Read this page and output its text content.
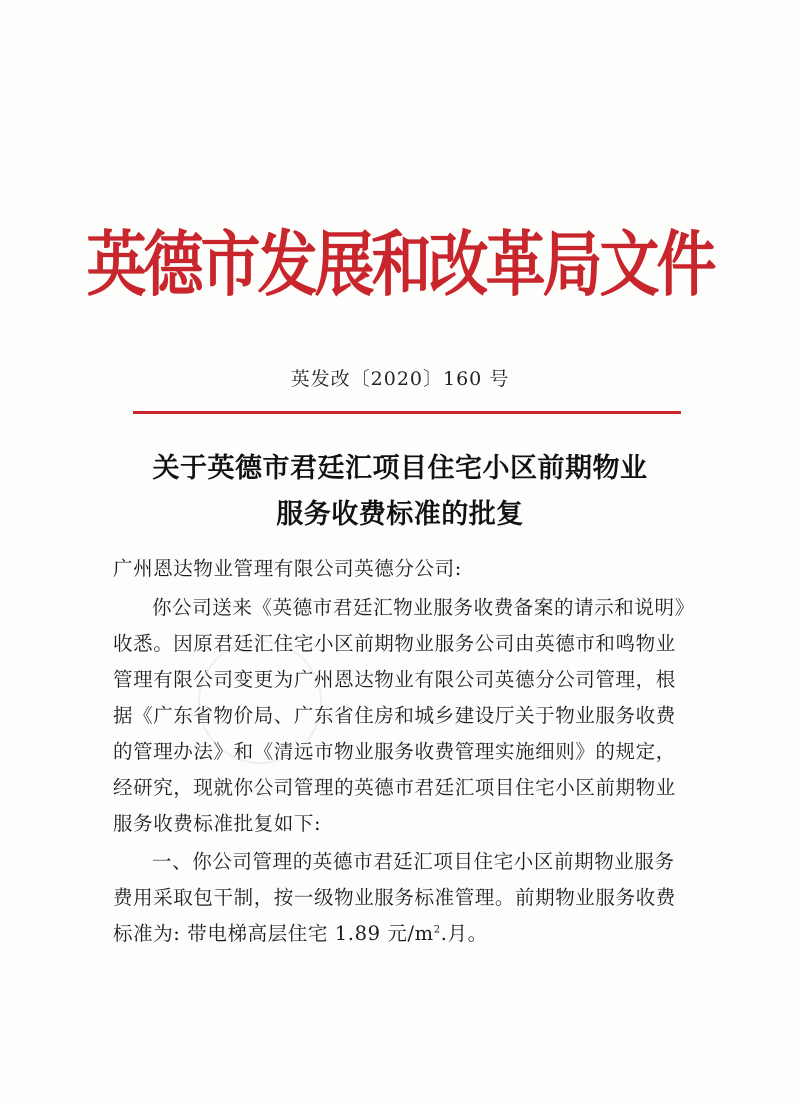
英德市发展和改革局文件
英发改〔2020〕160 号
关于英德市君廷汇项目住宅小区前期物业
服务收费标准的批复
广州恩达物业管理有限公司英德分公司:
你公司送来《英德市君廷汇物业服务收费备案的请示和说明》
收悉。因原君廷汇住宅小区前期物业服务公司由英德市和鸣物业
管理有限公司变更为广州恩达物业有限公司英德分公司管理，根
据《广东省物价局、广东省住房和城乡建设厅关于物业服务收费
的管理办法》和《清远市物业服务收费管理实施细则》的规定，
经研究，现就你公司管理的英德市君廷汇项目住宅小区前期物业
服务收费标准批复如下:
一、你公司管理的英德市君廷汇项目住宅小区前期物业服务
费用采取包干制，按一级物业服务标准管理。前期物业服务收费
标准为: 带电梯高层住宅 1.89 元$/m^2$.月。
